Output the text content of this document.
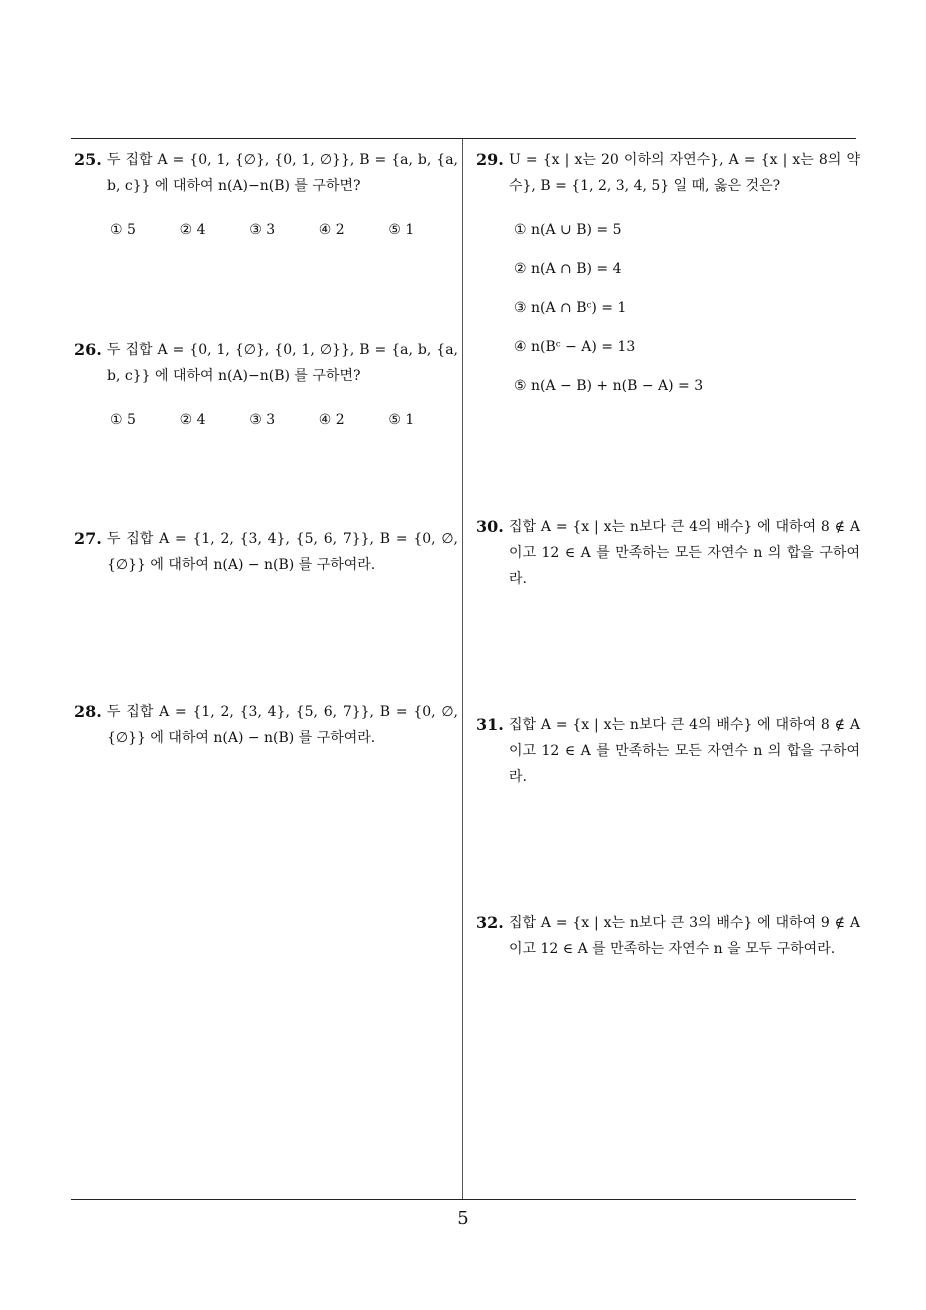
25. 두 집합 A = {0, 1, {∅}, {0, 1, ∅}}, B = {a, b, {a, b, c}} 에 대하여 n(A)−n(B) 를 구하면?
① 5	② 4	③ 3	④ 2	⑤ 1
26. 두 집합 A = {0, 1, {∅}, {0, 1, ∅}}, B = {a, b, {a, b, c}} 에 대하여 n(A)−n(B) 를 구하면?
① 5	② 4	③ 3	④ 2	⑤ 1
27. 두 집합 A = {1, 2, {3, 4}, {5, 6, 7}}, B = {0, ∅, {∅}} 에 대하여 n(A) − n(B) 를 구하여라.
28. 두 집합 A = {1, 2, {3, 4}, {5, 6, 7}}, B = {0, ∅, {∅}} 에 대하여 n(A) − n(B) 를 구하여라.
29. U = {x | x는 20 이하의 자연수}, A = {x | x는 8의 약수}, B = {1, 2, 3, 4, 5} 일 때, 옳은 것은?
① n(A ∪ B) = 5
② n(A ∩ B) = 4
③ n(A ∩ Bᶜ) = 1
④ n(Bᶜ − A) = 13
⑤ n(A − B) + n(B − A) = 3
30. 집합 A = {x | x는 n보다 큰 4의 배수} 에 대하여 8 ∉ A 이고 12 ∈ A 를 만족하는 모든 자연수 n 의 합을 구하여라.
31. 집합 A = {x | x는 n보다 큰 4의 배수} 에 대하여 8 ∉ A 이고 12 ∈ A 를 만족하는 모든 자연수 n 의 합을 구하여라.
32. 집합 A = {x | x는 n보다 큰 3의 배수} 에 대하여 9 ∉ A 이고 12 ∈ A 를 만족하는 자연수 n 을 모두 구하여라.
5
